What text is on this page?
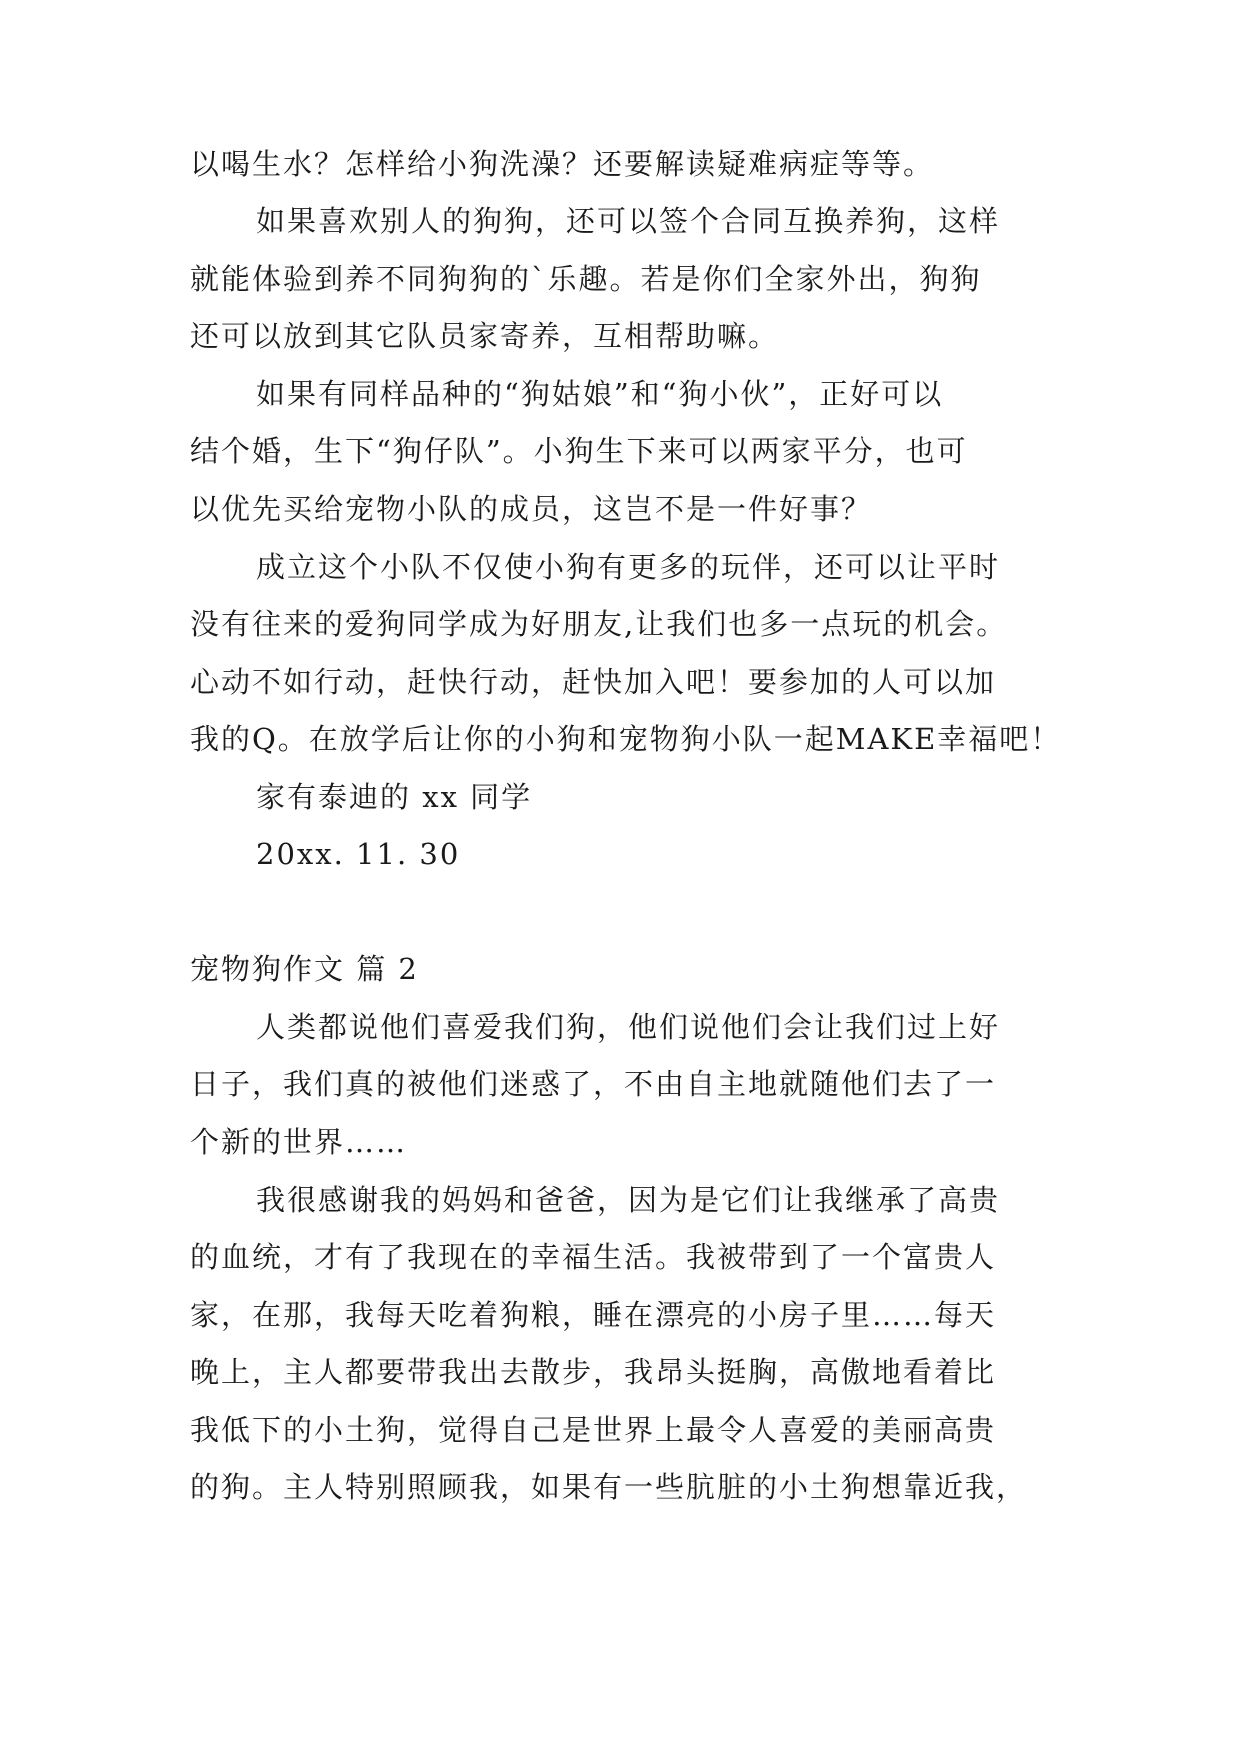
以喝生水？怎样给小狗洗澡？还要解读疑难病症等等。
如果喜欢别人的狗狗，还可以签个合同互换养狗，这样
就能体验到养不同狗狗的`乐趣。若是你们全家外出，狗狗
还可以放到其它队员家寄养，互相帮助嘛。
如果有同样品种的“狗姑娘”和“狗小伙”，正好可以
结个婚，生下“狗仔队”。小狗生下来可以两家平分，也可
以优先买给宠物小队的成员，这岂不是一件好事？
成立这个小队不仅使小狗有更多的玩伴，还可以让平时
没有往来的爱狗同学成为好朋友,让我们也多一点玩的机会。
心动不如行动，赶快行动，赶快加入吧！要参加的人可以加
我的Q。在放学后让你的小狗和宠物狗小队一起MAKE幸福吧！
家有泰迪的 xx 同学
20xx. 11. 30
宠物狗作文 篇 2
人类都说他们喜爱我们狗，他们说他们会让我们过上好
日子，我们真的被他们迷惑了，不由自主地就随他们去了一
个新的世界……
我很感谢我的妈妈和爸爸，因为是它们让我继承了高贵
的血统，才有了我现在的幸福生活。我被带到了一个富贵人
家，在那，我每天吃着狗粮，睡在漂亮的小房子里……每天
晚上，主人都要带我出去散步，我昂头挺胸，高傲地看着比
我低下的小土狗，觉得自己是世界上最令人喜爱的美丽高贵
的狗。主人特别照顾我，如果有一些肮脏的小土狗想靠近我，
